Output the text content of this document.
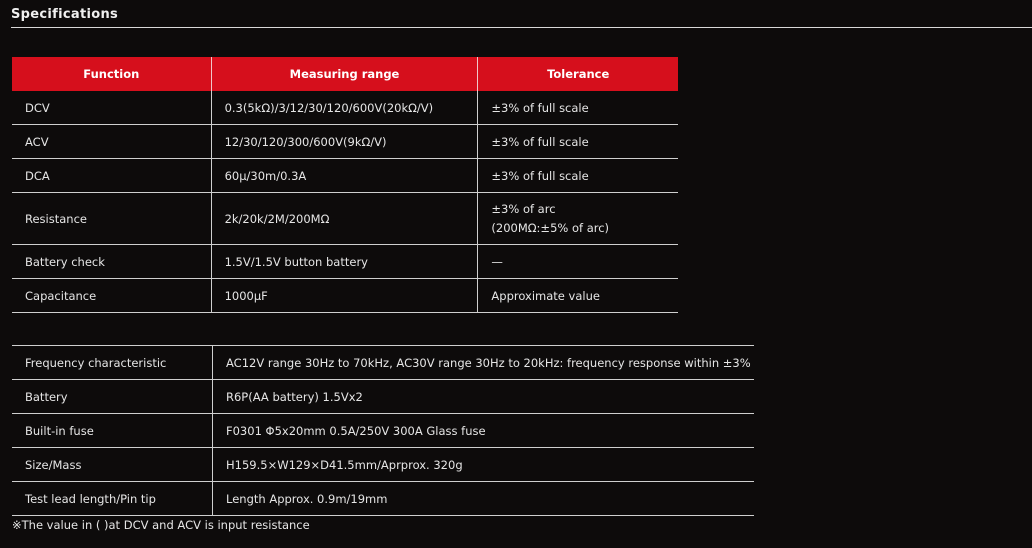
Specifications
Function	Measuring range	Tolerance
DCV	0.3(5kΩ)/3/12/30/120/600V(20kΩ/V)	±3% of full scale
ACV	12/30/120/300/600V(9kΩ/V)	±3% of full scale
DCA	60μ/30m/0.3A	±3% of full scale
Resistance	2k/20k/2M/200MΩ	±3% of arc
(200MΩ:±5% of arc)

Battery check	1.5V/1.5V button battery	—
Capacitance	1000μF	Approximate value
Frequency characteristic	AC12V range 30Hz to 70kHz, AC30V range 30Hz to 20kHz: frequency response within ±3%
Battery	R6P(AA battery) 1.5Vx2
Built-in fuse	F0301 Φ5x20mm 0.5A/250V 300A Glass fuse
Size/Mass	H159.5×W129×D41.5mm/Aprprox. 320g
Test lead length/Pin tip	Length Approx. 0.9m/19mm
※The value in ( )at DCV and ACV is input resistance
